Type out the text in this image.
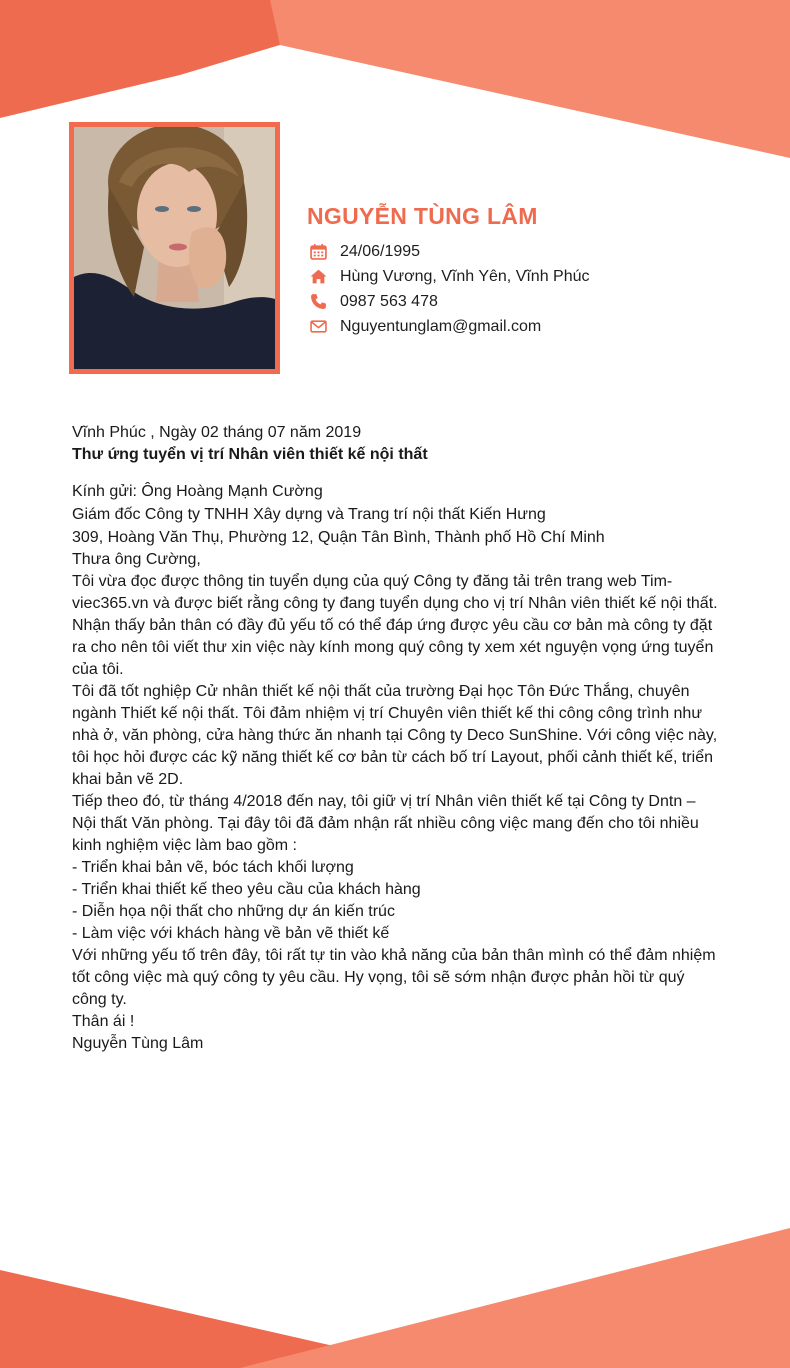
NGUYỄN TÙNG LÂM
24/06/1995
Hùng Vương, Vĩnh Yên, Vĩnh Phúc
0987 563 478
Nguyentunglam@gmail.com

Vĩnh Phúc , Ngày 02 tháng 07 năm 2019

Thư ứng tuyển vị trí Nhân viên thiết kế nội thất

Kính gửi: Ông Hoàng Mạnh Cường

Giám đốc Công ty TNHH Xây dựng và Trang trí nội thất Kiến Hưng

309, Hoàng Văn Thụ, Phường 12, Quận Tân Bình, Thành phố Hồ Chí Minh

Thưa ông Cường,

Tôi vừa đọc được thông tin tuyển dụng của quý Công ty đăng tải trên trang web Tim-viec365.vn và được biết rằng công ty đang tuyển dụng cho vị trí Nhân viên thiết kế nội thất. Nhận thấy bản thân có đầy đủ yếu tố có thể đáp ứng được yêu cầu cơ bản mà công ty đặt ra cho nên tôi viết thư xin việc này kính mong quý công ty xem xét nguyện vọng ứng tuyển của tôi.

Tôi đã tốt nghiệp Cử nhân thiết kế nội thất của trường Đại học Tôn Đức Thắng, chuyên ngành Thiết kế nội thất. Tôi đảm nhiệm vị trí Chuyên viên thiết kế thi công công trình như nhà ở, văn phòng, cửa hàng thức ăn nhanh tại Công ty Deco SunShine. Với công việc này, tôi học hỏi được các kỹ năng thiết kế cơ bản từ cách bố trí Layout, phối cảnh thiết kế, triển khai bản vẽ 2D.

Tiếp theo đó, từ tháng 4/2018 đến nay, tôi giữ vị trí Nhân viên thiết kế tại Công ty Dntn – Nội thất Văn phòng. Tại đây tôi đã đảm nhận rất nhiều công việc mang đến cho tôi nhiều kinh nghiệm việc làm bao gồm :

- Triển khai bản vẽ, bóc tách khối lượng

- Triển khai thiết kế theo yêu cầu của khách hàng

- Diễn họa nội thất cho những dự án kiến trúc

- Làm việc với khách hàng về bản vẽ thiết kế

Với những yếu tố trên đây, tôi rất tự tin vào khả năng của bản thân mình có thể đảm nhiệm tốt công việc mà quý công ty yêu cầu. Hy vọng, tôi sẽ sớm nhận được phản hồi từ quý công ty.

Thân ái !

Nguyễn Tùng Lâm
